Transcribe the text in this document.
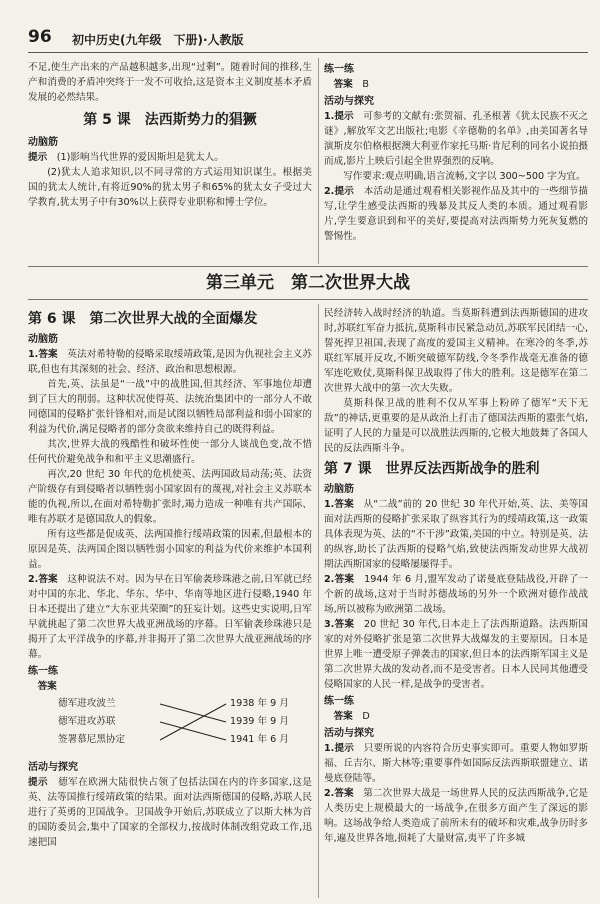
96 初中历史(九年级　下册)·人教版

不足,使生产出来的产品越积越多,出现“过剩”。随着时间的推移,生产和消费的矛盾冲突终于一发不可收拾,这是资本主义制度基本矛盾发展的必然结果。

第 5 课　法西斯势力的猖獗
动脑筋

提示　 (1)影响当代世界的爱因斯坦是犹太人。

(2)犹太人追求知识,以不同寻常的方式运用知识谋生。根据美国的犹太人统计,有将近90%的犹太男子和65%的犹太女子受过大学教育,犹太男子中有30%以上获得专业职称和博士学位。

练一练

　答案　 B

活动与探究

1.提示　 可参考的文献有:张贺福、孔圣根著《犹太民族不灭之谜》,解放军文艺出版社;电影《辛德勒的名单》,由美国著名导演斯皮尔伯格根据澳大利亚作家托马斯·肯尼利的同名小说拍摄而成,影片上映后引起全世界强烈的反响。

写作要求:观点明确,语言流畅,文字以 300~500 字为宜。

2.提示　 本活动是通过观看相关影视作品及其中的一些细节描写,让学生感受法西斯的残暴及其反人类的本质。通过观看影片,学生要意识到和平的美好,要提高对法西斯势力死灰复燃的警惕性。

第三单元　第二次世界大战
第 6 课　第二次世界大战的全面爆发
动脑筋

1.答案　 英法对希特勒的侵略采取绥靖政策,是因为仇视社会主义苏联,但也有其深刻的社会、经济、政治和思想根源。

首先,英、法虽是“一战”中的战胜国,但其经济、军事地位却遭到了巨大的削弱。这种状况使得英、法统治集团中的一部分人不敢同德国的侵略扩张针锋相对,而是试图以牺牲局部利益和弱小国家的利益为代价,满足侵略者的部分贪欲来维持自己的既得利益。

其次,世界大战的残酷性和破坏性使一部分人谈战色变,故不惜任何代价避免战争和和平主义思潮盛行。

再次,20 世纪 30 年代的危机使英、法两国政局动荡;英、法资产阶级存有到侵略者以牺牲弱小国家固有的蔑视,对社会主义苏联本能的仇视,所以,在面对希特勒扩张时,竭力造成一种唯有共产国际、唯有苏联才是德国敌人的假象。

所有这些都是促成英、法两国推行绥靖政策的因素,但最根本的原因是英、法两国企图以牺牲弱小国家的利益为代价来维护本国利益。

2.答案　 这种说法不对。因为早在日军偷袭珍珠港之前,日军就已经对中国的东北、华北、华东、华中、华南等地区进行侵略,1940 年日本还提出了建立“大东亚共荣圈”的狂妄计划。这些史实说明,日军早就挑起了第二次世界大战亚洲战场的序幕。日军偷袭珍珠港只是揭开了太平洋战争的序幕,并非揭开了第二次世界大战亚洲战场的序幕。

练一练

　答案

德军进攻波兰
德军进攻苏联
签署慕尼黑协定
1938 年 9 月
1939 年 9 月
1941 年 6 月
活动与探究

提示　 德军在欧洲大陆很快占领了包括法国在内的许多国家,这是英、法等国推行绥靖政策的结果。面对法西斯德国的侵略,苏联人民进行了英勇的卫国战争。卫国战争开始后,苏联成立了以斯大林为首的国防委员会,集中了国家的全部权力,按战时体制改组党政工作,迅速把国

民经济转入战时经济的轨道。当莫斯科遭到法西斯德国的进攻时,苏联红军奋力抵抗,莫斯科市民紧急动员,苏联军民团结一心,誓死捍卫祖国,表现了高度的爱国主义精神。在寒冷的冬季,苏联红军展开反攻,不断突破德军防线,令冬季作战毫无准备的德军连吃败仗,莫斯科保卫战取得了伟大的胜利。这是德军在第二次世界大战中的第一次大失败。

莫斯科保卫战的胜利不仅从军事上粉碎了德军“天下无敌”的神话,更重要的是从政治上打击了德国法西斯的嚣张气焰,证明了人民的力量是可以战胜法西斯的,它极大地鼓舞了各国人民的反法西斯斗争。

第 7 课　世界反法西斯战争的胜利
动脑筋

1.答案　 从“二战”前的 20 世纪 30 年代开始,英、法、美等国面对法西斯的侵略扩张采取了纵容其行为的绥靖政策,这一政策具体表现为英、法的“不干涉”政策,美国的中立。特别是英、法的纵容,助长了法西斯的侵略气焰,致使法西斯发动世界大战初期法西斯国家的侵略屡屡得手。

2.答案　 1944 年 6 月,盟军发动了诺曼底登陆战役,开辟了一个新的战场,这对于当时苏德战场的另外一个欧洲对德作战战场,所以被称为欧洲第二战场。

3.答案　 20 世纪 30 年代,日本走上了法西斯道路。法西斯国家的对外侵略扩张是第二次世界大战爆发的主要原因。日本是世界上唯一遭受原子弹袭击的国家,但日本的法西斯军国主义是第二次世界大战的发动者,而不是受害者。日本人民同其他遭受侵略国家的人民一样,是战争的受害者。

练一练

　答案　 D

活动与探究

1.提示　 只要所说的内容符合历史事实即可。重要人物如罗斯福、丘吉尔、斯大林等;重要事件如国际反法西斯联盟建立、诺曼底登陆等。

2.答案　 第二次世界大战是一场世界人民的反法西斯战争,它是人类历史上规模最大的一场战争,在很多方面产生了深远的影响。这场战争给人类造成了前所未有的破坏和灾难,战争历时多年,遍及世界各地,损耗了大量财富,夷平了许多城
